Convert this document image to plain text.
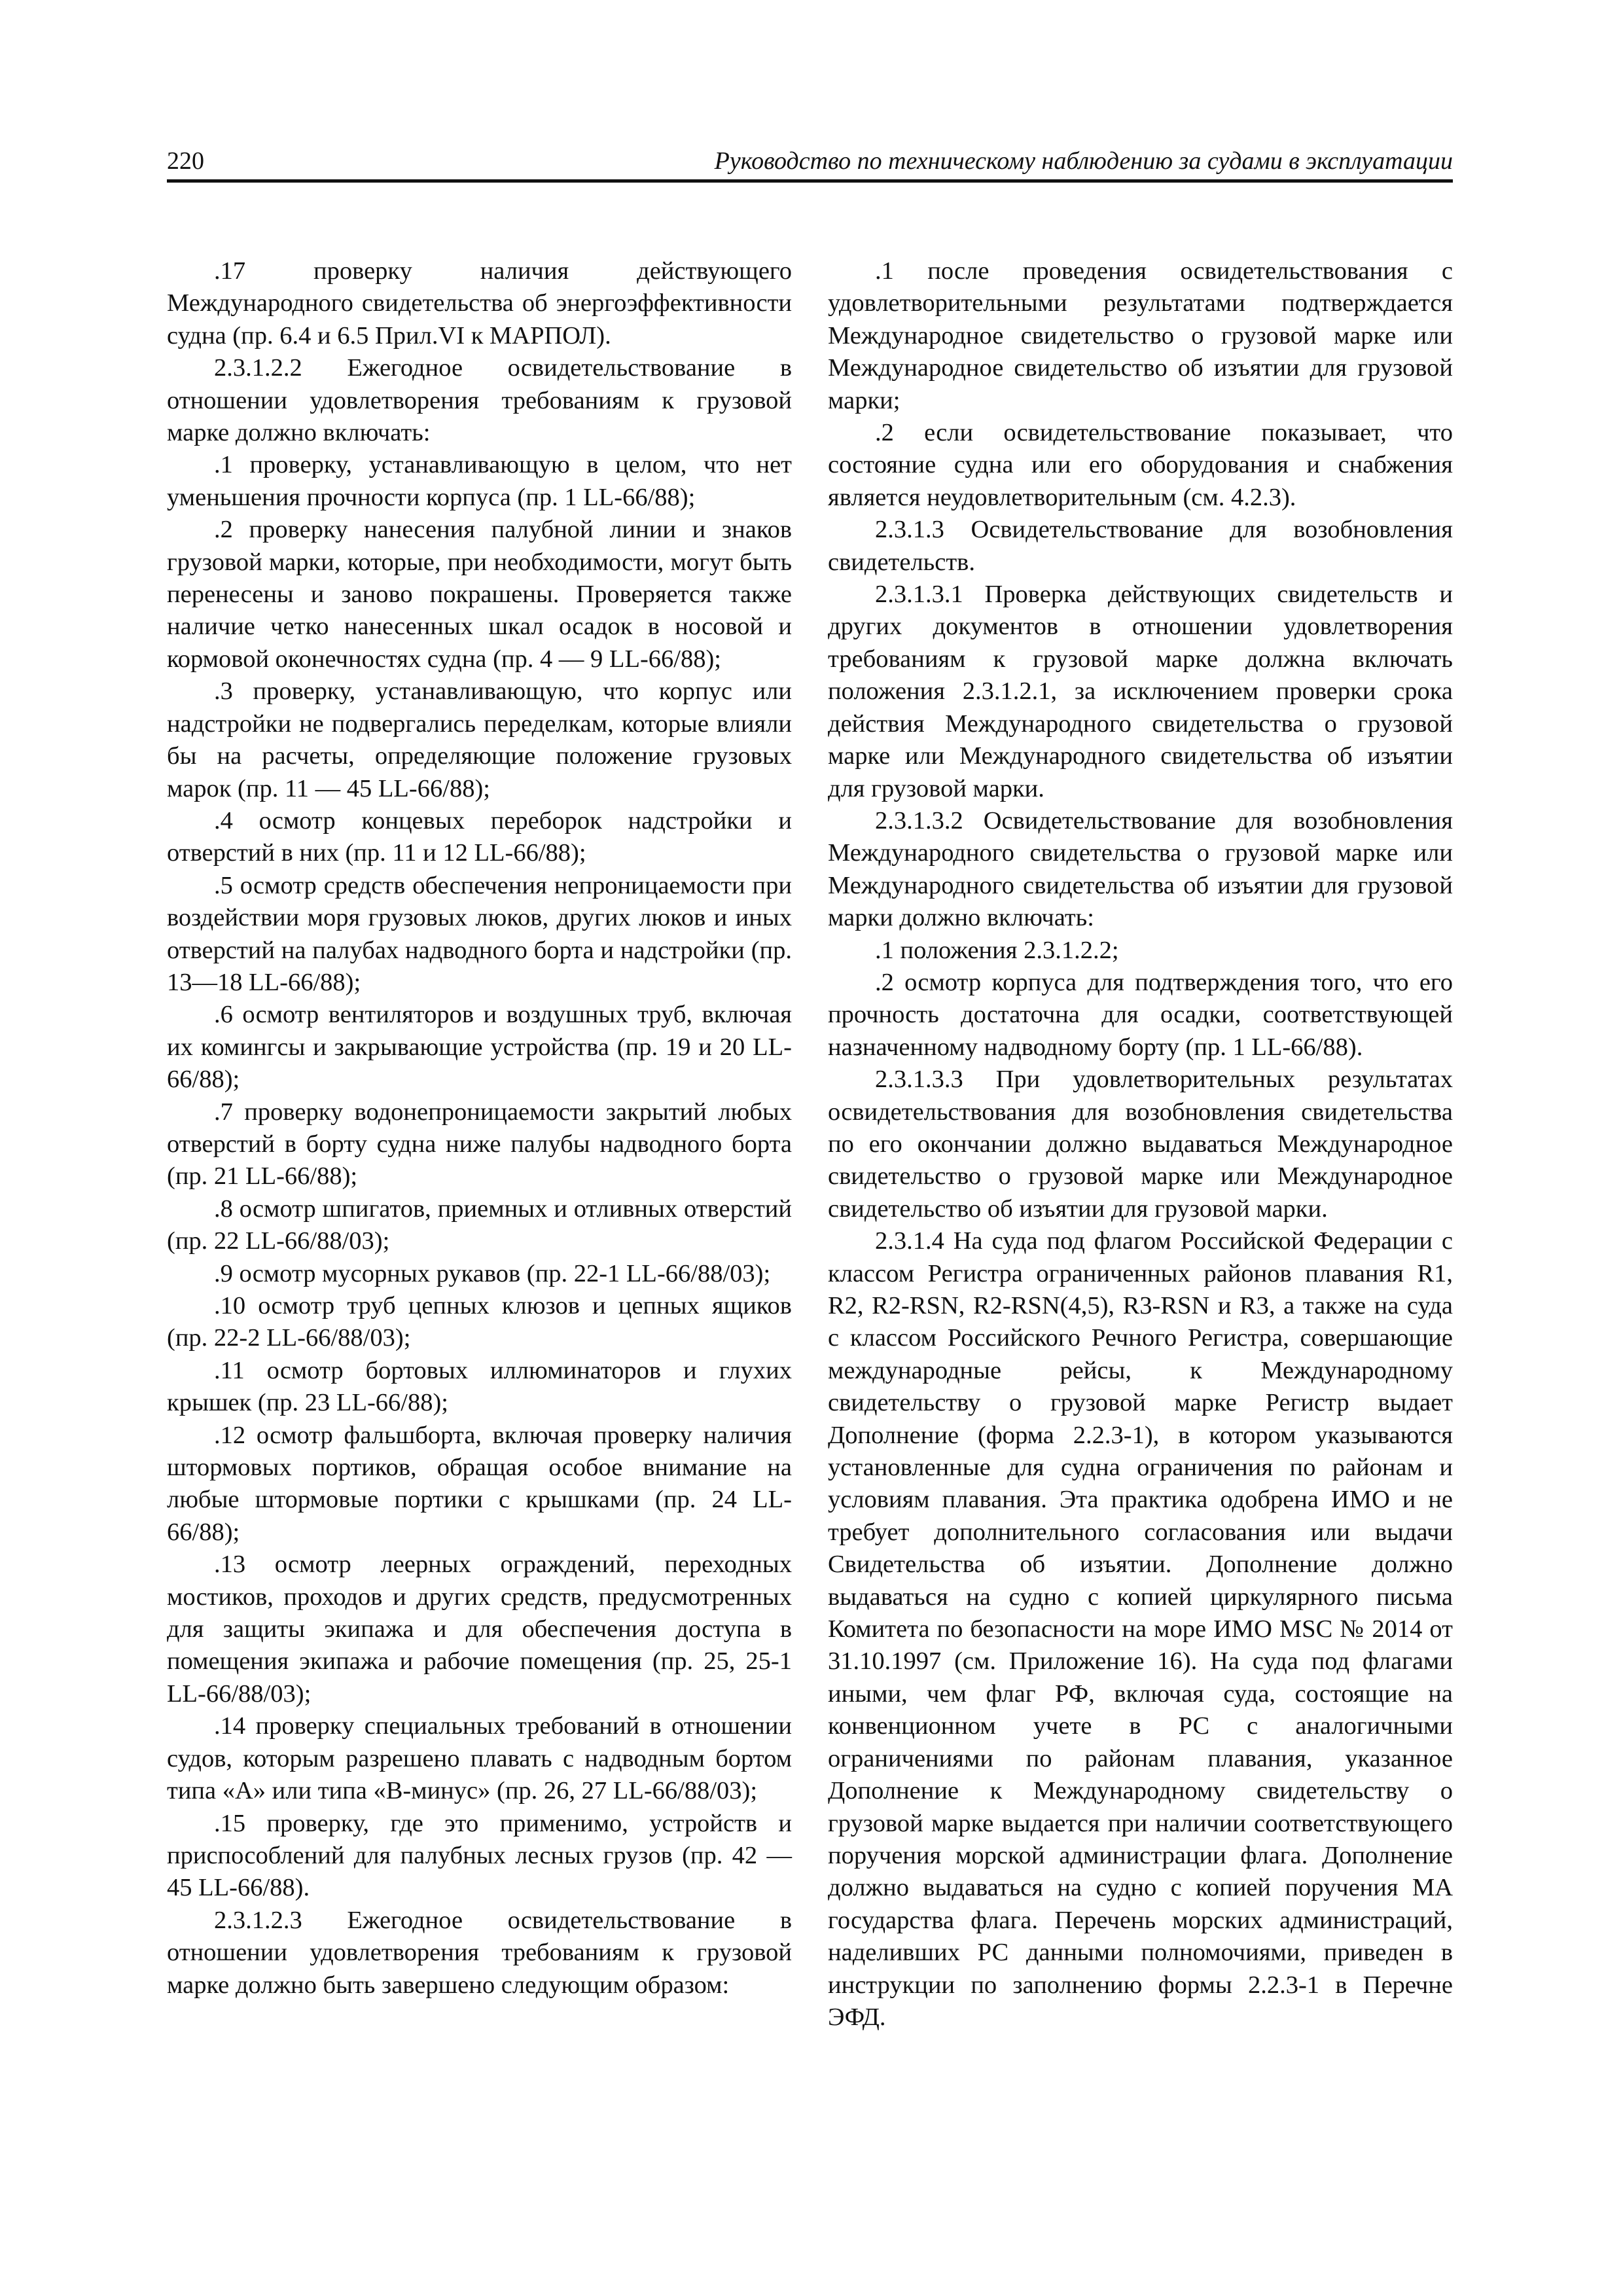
220	Руководство по техническому наблюдению за судами в эксплуатации

.17 проверку наличия действующего Международного свидетельства об энергоэффективности судна (пр. 6.4 и 6.5 Прил.VI к МАРПОЛ).

2.3.1.2.2 Ежегодное освидетельствование в отношении удовлетворения требованиям к грузовой марке должно включать:

.1 проверку, устанавливающую в целом, что нет уменьшения прочности корпуса (пр. 1 LL-66/88);

.2 проверку нанесения палубной линии и знаков грузовой марки, которые, при необходимости, могут быть перенесены и заново покрашены. Проверяется также наличие четко нанесенных шкал осадок в носовой и кормовой оконечностях судна (пр. 4 — 9 LL-66/88);

.3 проверку, устанавливающую, что корпус или надстройки не подвергались переделкам, которые влияли бы на расчеты, определяющие положение грузовых марок (пр. 11 — 45 LL-66/88);

.4 осмотр концевых переборок надстройки и отверстий в них (пр. 11 и 12 LL-66/88);

.5 осмотр средств обеспечения непроницаемости при воздействии моря грузовых люков, других люков и иных отверстий на палубах надводного борта и надстройки (пр. 13—18 LL-66/88);

.6 осмотр вентиляторов и воздушных труб, включая их комингсы и закрывающие устройства (пр. 19 и 20 LL-66/88);

.7 проверку водонепроницаемости закрытий любых отверстий в борту судна ниже палубы надводного борта (пр. 21 LL-66/88);

.8 осмотр шпигатов, приемных и отливных отверстий (пр. 22 LL-66/88/03);

.9 осмотр мусорных рукавов (пр. 22-1 LL-66/88/03);

.10 осмотр труб цепных клюзов и цепных ящиков (пр. 22-2 LL-66/88/03);

.11 осмотр бортовых иллюминаторов и глухих крышек (пр. 23 LL-66/88);

.12 осмотр фальшборта, включая проверку наличия штормовых портиков, обращая особое внимание на любые штормовые портики с крышками (пр. 24 LL-66/88);

.13 осмотр леерных ограждений, переходных мостиков, проходов и других средств, предусмотренных для защиты экипажа и для обеспечения доступа в помещения экипажа и рабочие помещения (пр. 25, 25-1 LL-66/88/03);

.14 проверку специальных требований в отношении судов, которым разрешено плавать с надводным бортом типа «А» или типа «B-минус» (пр. 26, 27 LL-66/88/03);

.15 проверку, где это применимо, устройств и приспособлений для палубных лесных грузов (пр. 42 — 45 LL-66/88).

2.3.1.2.3 Ежегодное освидетельствование в отношении удовлетворения требованиям к грузовой марке должно быть завершено следующим образом:

.1 после проведения освидетельствования с удовлетворительными результатами подтверждается Международное свидетельство о грузовой марке или Международное свидетельство об изъятии для грузовой марки;

.2 если освидетельствование показывает, что состояние судна или его оборудования и снабжения является неудовлетворительным (см. 4.2.3).

2.3.1.3 Освидетельствование для возобновления свидетельств.

2.3.1.3.1 Проверка действующих свидетельств и других документов в отношении удовлетворения требованиям к грузовой марке должна включать положения 2.3.1.2.1, за исключением проверки срока действия Международного свидетельства о грузовой марке или Международного свидетельства об изъятии для грузовой марки.

2.3.1.3.2 Освидетельствование для возобновления Международного свидетельства о грузовой марке или Международного свидетельства об изъятии для грузовой марки должно включать:

.1 положения 2.3.1.2.2;

.2 осмотр корпуса для подтверждения того, что его прочность достаточна для осадки, соответствующей назначенному надводному борту (пр. 1 LL-66/88).

2.3.1.3.3 При удовлетворительных результатах освидетельствования для возобновления свидетельства по его окончании должно выдаваться Международное свидетельство о грузовой марке или Международное свидетельство об изъятии для грузовой марки.

2.3.1.4 На суда под флагом Российской Федерации с классом Регистра ограниченных районов плавания R1, R2, R2-RSN, R2-RSN(4,5), R3-RSN и R3, а также на суда с классом Российского Речного Регистра, совершающие международные рейсы, к Международному свидетельству о грузовой марке Регистр выдает Дополнение (форма 2.2.3-1), в котором указываются установленные для судна ограничения по районам и условиям плавания. Эта практика одобрена ИМО и не требует дополнительного согласования или выдачи Свидетельства об изъятии. Дополнение должно выдаваться на судно с копией циркулярного письма Комитета по безопасности на море ИМО MSC № 2014 от 31.10.1997 (см. Приложение 16). На суда под флагами иными, чем флаг РФ, включая суда, состоящие на конвенционном учете в РС с аналогичными ограничениями по районам плавания, указанное Дополнение к Международному свидетельству о грузовой марке выдается при наличии соответствующего поручения морской администрации флага. Дополнение должно выдаваться на судно с копией поручения МА государства флага. Перечень морских администраций, наделивших РС данными полномочиями, приведен в инструкции по заполнению формы 2.2.3-1 в Перечне ЭФД.
